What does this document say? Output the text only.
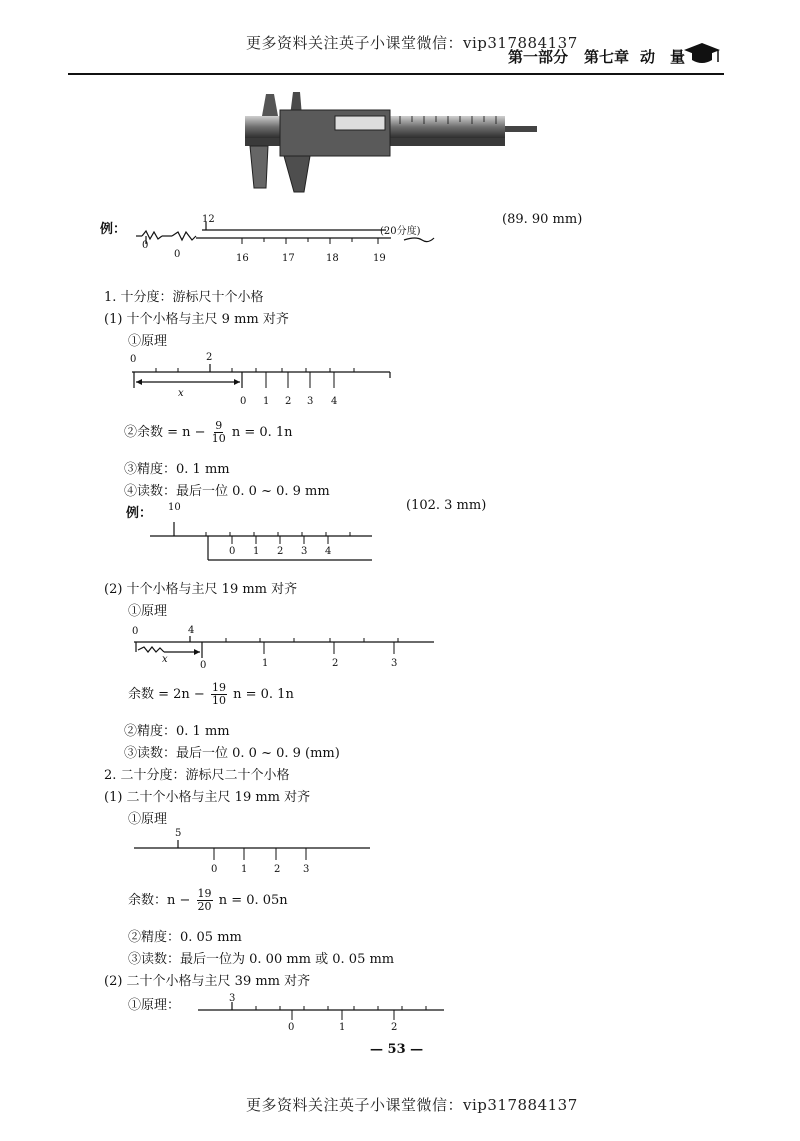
更多资料关注英子小课堂微信：vip317884137
第一部分 第七章 动　量
例：
(89. 90 mm)
12
0
0	16	17	18	19
(20分度)
1. 十分度：游标尺十个小格
(1) 十个小格与主尺 9 mm 对齐
①原理
0	2
x
0 1 2 3 4
②余数 = $n - \frac{9}{10}$ n = 0. 1n
③精度：0. 1 mm
④读数：最后一位 0. 0 ~ 0. 9 mm
例：
(102. 3 mm)
10
0 1 2 3 4
(2) 十个小格与主尺 19 mm 对齐
①原理
0	4
x
0	1	2	3
余数 = $2n - \frac{19}{10}$ n = 0. 1n
②精度：0. 1 mm
③读数：最后一位 0. 0 ~ 0. 9 (mm)
2. 二十分度：游标尺二十个小格
(1) 二十个小格与主尺 19 mm 对齐
①原理
5
0 1	2 3
余数：$n - \frac{19}{20}$ n = 0. 05n
②精度：0. 05 mm
③读数：最后一位为 0. 00 mm 或 0. 05 mm
(2) 二十个小格与主尺 39 mm 对齐
①原理：	3
0	1	2
— 53 —
更多资料关注英子小课堂微信：vip317884137
